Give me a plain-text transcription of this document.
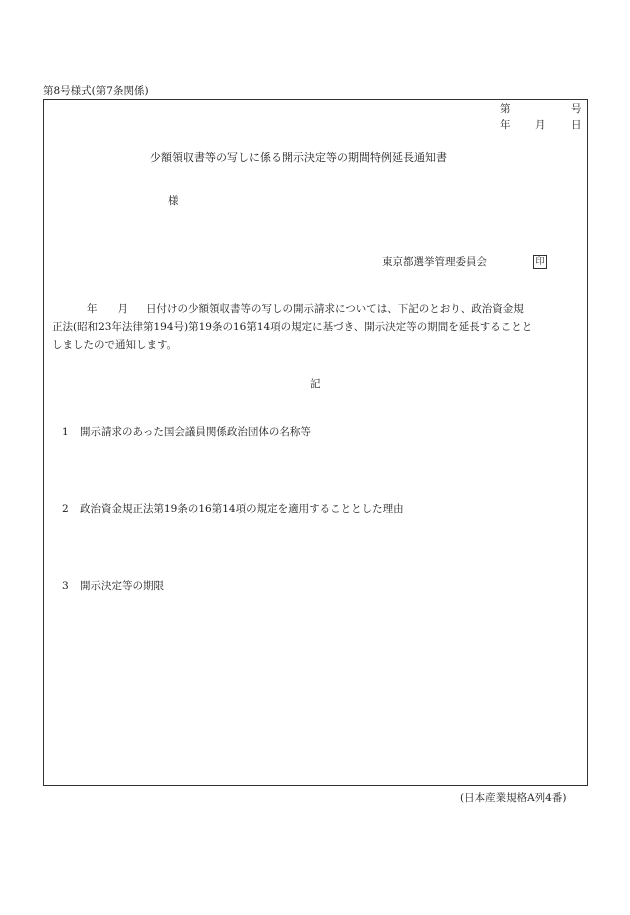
第8号様式(第7条関係)
第	号
年 月 日
少額領収書等の写しに係る開示決定等の期間特例延長通知書
様
東京都選挙管理委員会	印
年 月 日付けの少額領収書等の写しの開示請求については、下記のとおり、政治資金規
正法(昭和23年法律第194号)第19条の16第14項の規定に基づき、開示決定等の期間を延長することと
しましたので通知します。
記
1 開示請求のあった国会議員関係政治団体の名称等
2 政治資金規正法第19条の16第14項の規定を適用することとした理由
3 開示決定等の期限
(日本産業規格A列4番)
